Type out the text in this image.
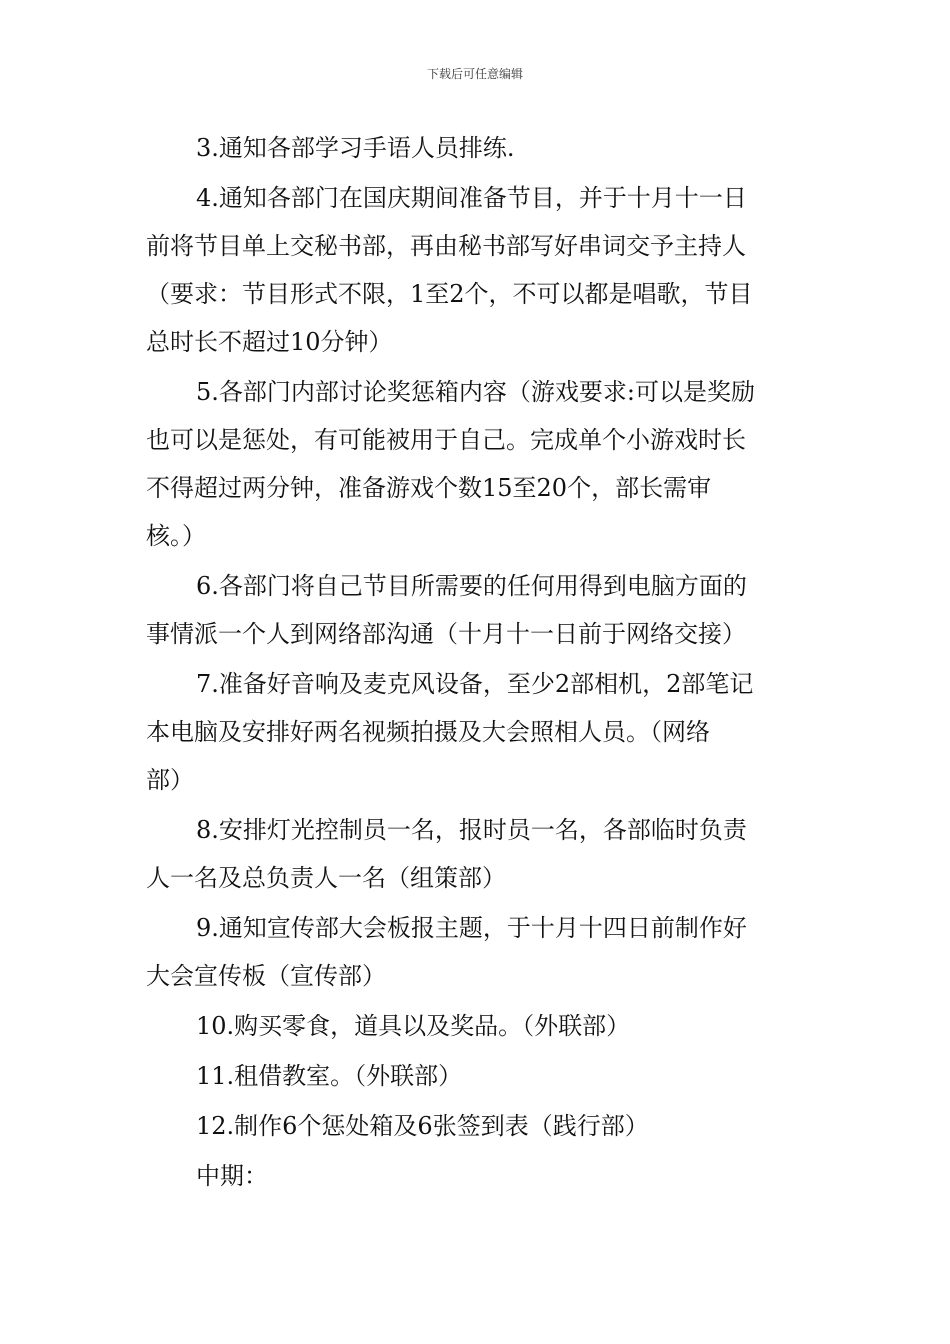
下载后可任意编辑

3.通知各部学习手语人员排练.

4.通知各部门在国庆期间准备节目，并于十月十一日
前将节目单上交秘书部，再由秘书部写好串词交予主持人
（要求：节目形式不限，1至2个，不可以都是唱歌，节目
总时长不超过10分钟）

5.各部门内部讨论奖惩箱内容（游戏要求:可以是奖励
也可以是惩处，有可能被用于自己。完成单个小游戏时长
不得超过两分钟，准备游戏个数15至20个，部长需审
核。）

6.各部门将自己节目所需要的任何用得到电脑方面的
事情派一个人到网络部沟通（十月十一日前于网络交接）

7.准备好音响及麦克风设备，至少2部相机，2部笔记
本电脑及安排好两名视频拍摄及大会照相人员。（网络
部）

8.安排灯光控制员一名，报时员一名，各部临时负责
人一名及总负责人一名（组策部）

9.通知宣传部大会板报主题，于十月十四日前制作好
大会宣传板（宣传部）

10.购买零食，道具以及奖品。（外联部）

11.租借教室。（外联部）

12.制作6个惩处箱及6张签到表（践行部）

中期：
